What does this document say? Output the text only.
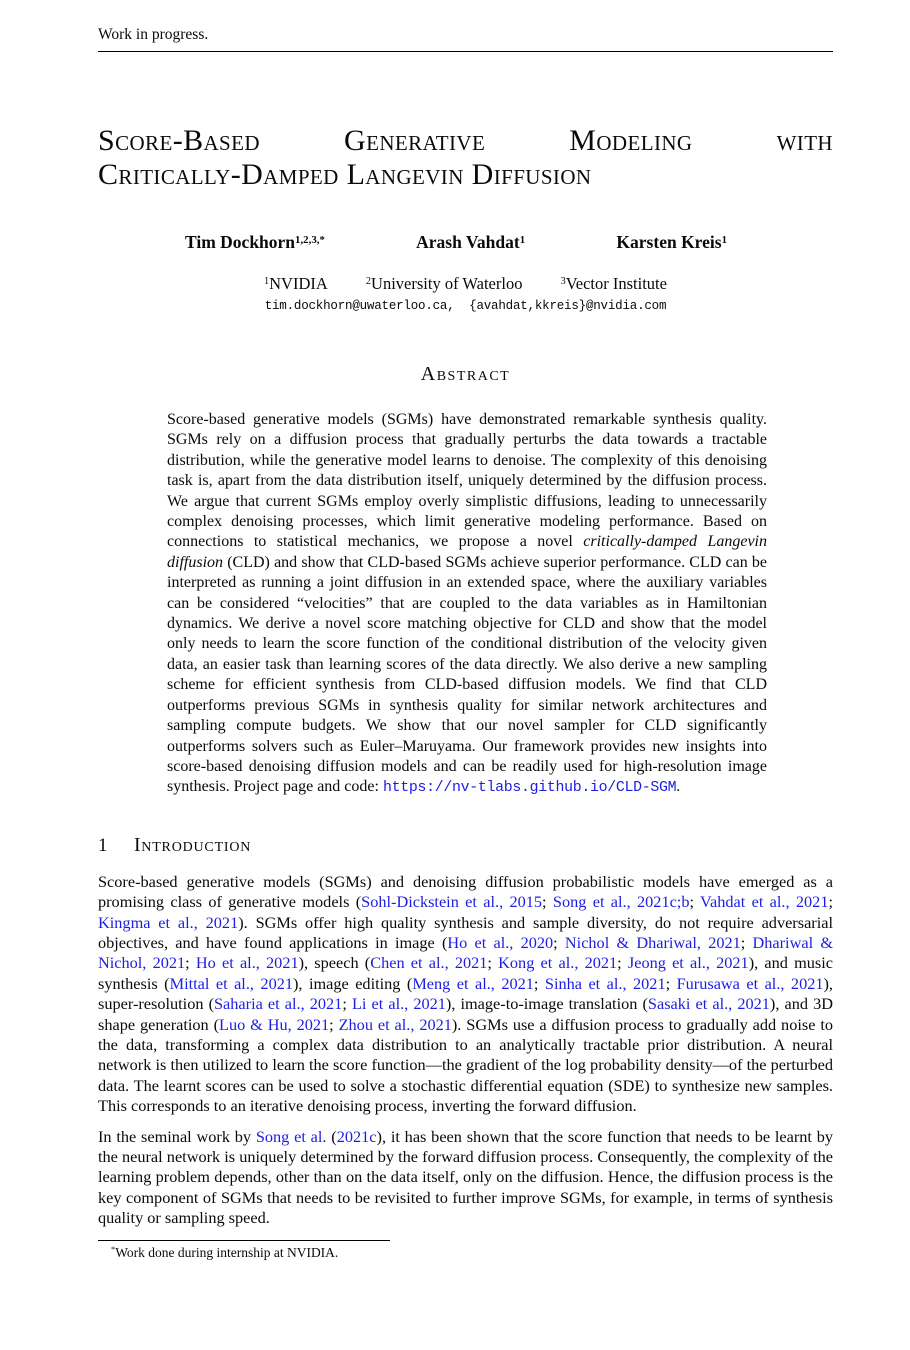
Work in progress.
Score-Based Generative Modeling with
Critically-Damped Langevin Diffusion
Tim Dockhorn$^{1,2,3,*}$	Arash Vahdat$^1$	Karsten Kreis$^1$
$^1$NVIDIA	$^2$University of Waterloo	$^3$Vector Institute
tim.dockhorn@uwaterloo.ca,  {avahdat,kkreis}@nvidia.com
Abstract
Score-based generative models (SGMs) have demonstrated remarkable synthesis quality. SGMs rely on a diffusion process that gradually perturbs the data towards a tractable distribution, while the generative model learns to denoise. The complexity of this denoising task is, apart from the data distribution itself, uniquely determined by the diffusion process. We argue that current SGMs employ overly simplistic diffusions, leading to unnecessarily complex denoising processes, which limit generative modeling performance. Based on connections to statistical mechanics, we propose a novel critically-damped Langevin diffusion (CLD) and show that CLD-based SGMs achieve superior performance. CLD can be interpreted as running a joint diffusion in an extended space, where the auxiliary variables can be considered “velocities” that are coupled to the data variables as in Hamiltonian dynamics. We derive a novel score matching objective for CLD and show that the model only needs to learn the score function of the conditional distribution of the velocity given data, an easier task than learning scores of the data directly. We also derive a new sampling scheme for efficient synthesis from CLD-based diffusion models. We find that CLD outperforms previous SGMs in synthesis quality for similar network architectures and sampling compute budgets. We show that our novel sampler for CLD significantly outperforms solvers such as Euler–Maruyama. Our framework provides new insights into score-based denoising diffusion models and can be readily used for high-resolution image synthesis. Project page and code: https://nv-tlabs.github.io/CLD-SGM.
1 Introduction
Score-based generative models (SGMs) and denoising diffusion probabilistic models have emerged as a promising class of generative models (Sohl-Dickstein et al., 2015; Song et al., 2021c;b; Vahdat et al., 2021; Kingma et al., 2021). SGMs offer high quality synthesis and sample diversity, do not require adversarial objectives, and have found applications in image (Ho et al., 2020; Nichol & Dhariwal, 2021; Dhariwal & Nichol, 2021; Ho et al., 2021), speech (Chen et al., 2021; Kong et al., 2021; Jeong et al., 2021), and music synthesis (Mittal et al., 2021), image editing (Meng et al., 2021; Sinha et al., 2021; Furusawa et al., 2021), super-resolution (Saharia et al., 2021; Li et al., 2021), image-to-image translation (Sasaki et al., 2021), and 3D shape generation (Luo & Hu, 2021; Zhou et al., 2021). SGMs use a diffusion process to gradually add noise to the data, transforming a complex data distribution to an analytically tractable prior distribution. A neural network is then utilized to learn the score function—the gradient of the log probability density—of the perturbed data. The learnt scores can be used to solve a stochastic differential equation (SDE) to synthesize new samples. This corresponds to an iterative denoising process, inverting the forward diffusion.
In the seminal work by Song et al. (2021c), it has been shown that the score function that needs to be learnt by the neural network is uniquely determined by the forward diffusion process. Consequently, the complexity of the learning problem depends, other than on the data itself, only on the diffusion. Hence, the diffusion process is the key component of SGMs that needs to be revisited to further improve SGMs, for example, in terms of synthesis quality or sampling speed.
*Work done during internship at NVIDIA.
